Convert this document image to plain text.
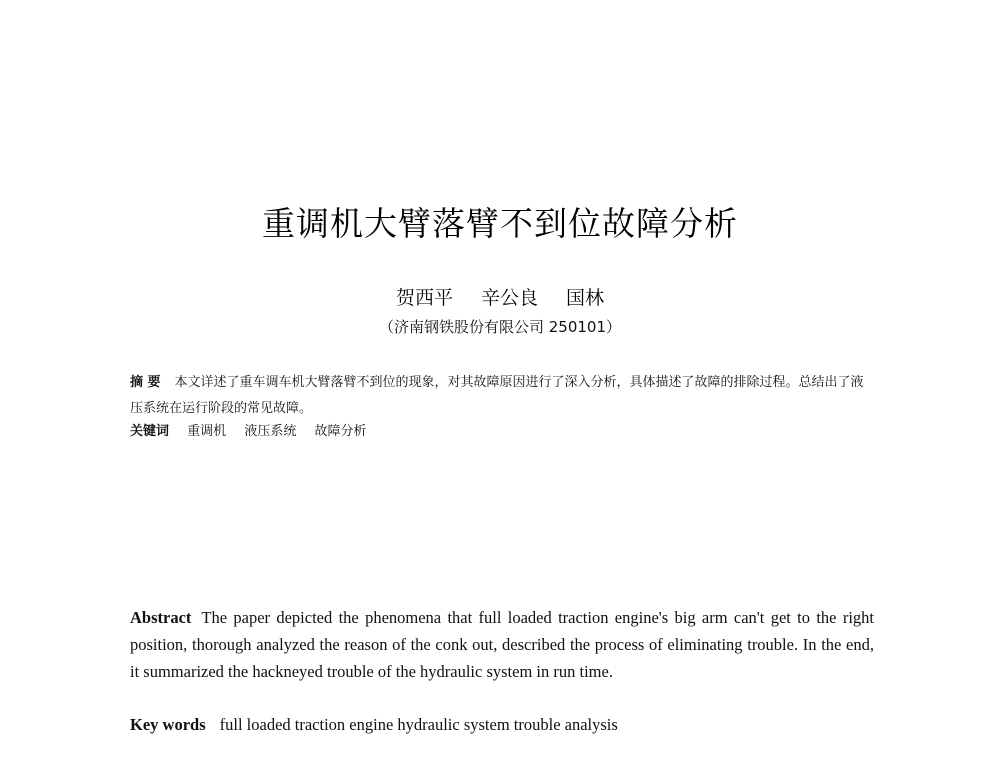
重调机大臂落臂不到位故障分析
贺西平 辛公良 国林
（济南钢铁股份有限公司 250101）
摘 要 本文详述了重车调车机大臂落臂不到位的现象，对其故障原因进行了深入分析，具体描述了故障的排除过程。总结出了液压系统在运行阶段的常见故障。
关键词 重调机 液压系统 故障分析
Abstract The paper depicted the phenomena that full loaded traction engine's big arm can't get to the right position, thorough analyzed the reason of the conk out, described the process of eliminating trouble. In the end, it summarized the hackneyed trouble of the hydraulic system in run time.
Key words full loaded traction engine hydraulic system trouble analysis
